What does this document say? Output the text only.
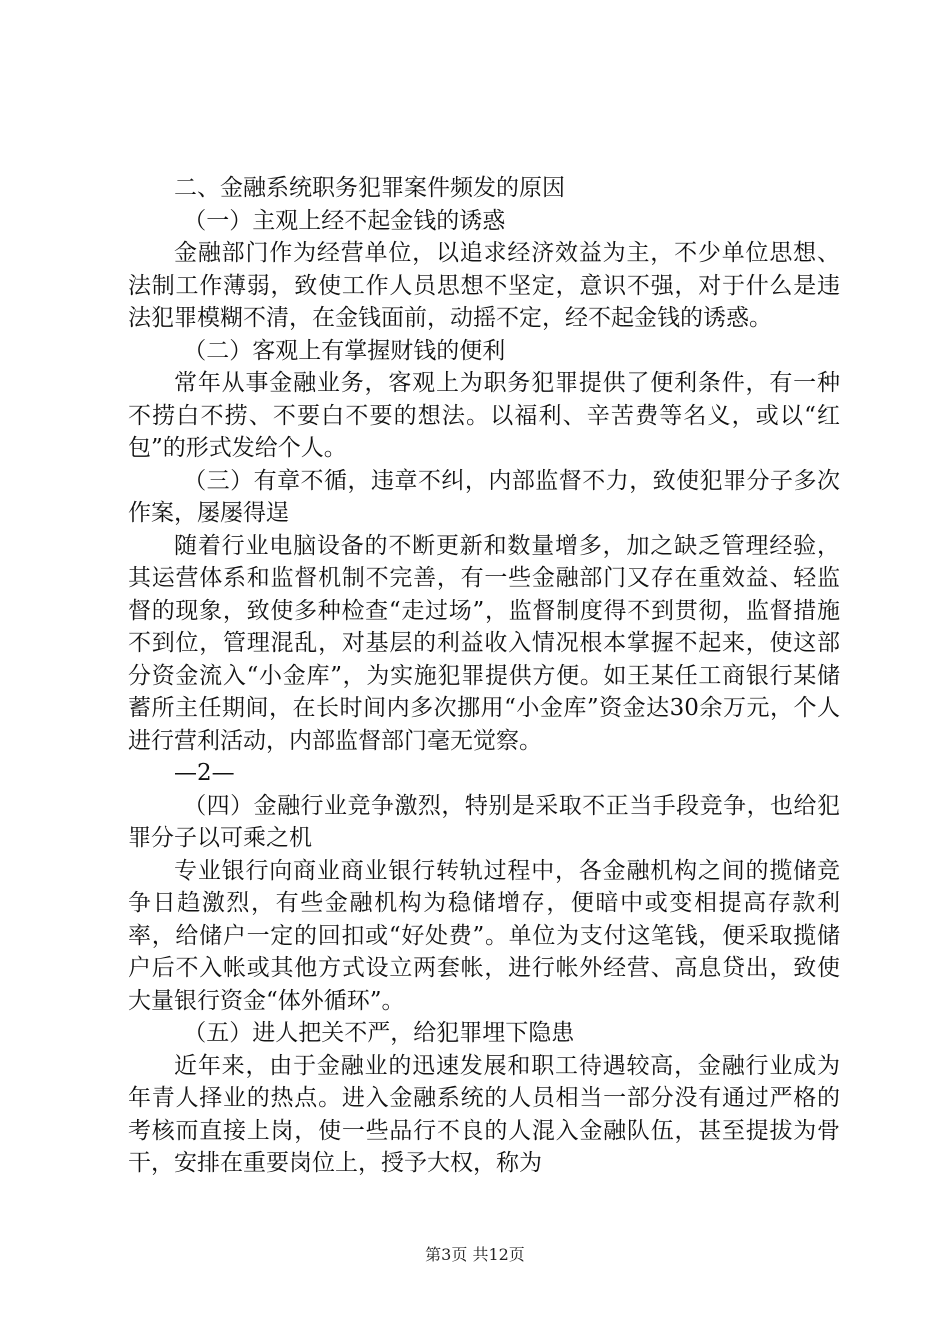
二、金融系统职务犯罪案件频发的原因

（一）主观上经不起金钱的诱惑

金融部门作为经营单位，以追求经济效益为主，不少单位思想、法制工作薄弱，致使工作人员思想不坚定，意识不强，对于什么是违法犯罪模糊不清，在金钱面前，动摇不定，经不起金钱的诱惑。

（二）客观上有掌握财钱的便利

常年从事金融业务，客观上为职务犯罪提供了便利条件，有一种不捞白不捞、不要白不要的想法。以福利、辛苦费等名义，或以“红包”的形式发给个人。

（三）有章不循，违章不纠，内部监督不力，致使犯罪分子多次作案，屡屡得逞

随着行业电脑设备的不断更新和数量增多，加之缺乏管理经验，其运营体系和监督机制不完善，有一些金融部门又存在重效益、轻监督的现象，致使多种检查“走过场”，监督制度得不到贯彻，监督措施不到位，管理混乱，对基层的利益收入情况根本掌握不起来，使这部分资金流入“小金库”，为实施犯罪提供方便。如王某任工商银行某储蓄所主任期间，在长时间内多次挪用“小金库”资金达30余万元，个人进行营利活动，内部监督部门毫无觉察。

—2—

（四）金融行业竞争激烈，特别是采取不正当手段竞争，也给犯罪分子以可乘之机

专业银行向商业商业银行转轨过程中，各金融机构之间的揽储竞争日趋激烈，有些金融机构为稳储增存，便暗中或变相提高存款利率，给储户一定的回扣或“好处费”。单位为支付这笔钱，便采取揽储户后不入帐或其他方式设立两套帐，进行帐外经营、高息贷出，致使大量银行资金“体外循环”。

（五）进人把关不严，给犯罪埋下隐患

近年来，由于金融业的迅速发展和职工待遇较高，金融行业成为年青人择业的热点。进入金融系统的人员相当一部分没有通过严格的考核而直接上岗，使一些品行不良的人混入金融队伍，甚至提拔为骨干，安排在重要岗位上，授予大权，称为

第3页 共12页
